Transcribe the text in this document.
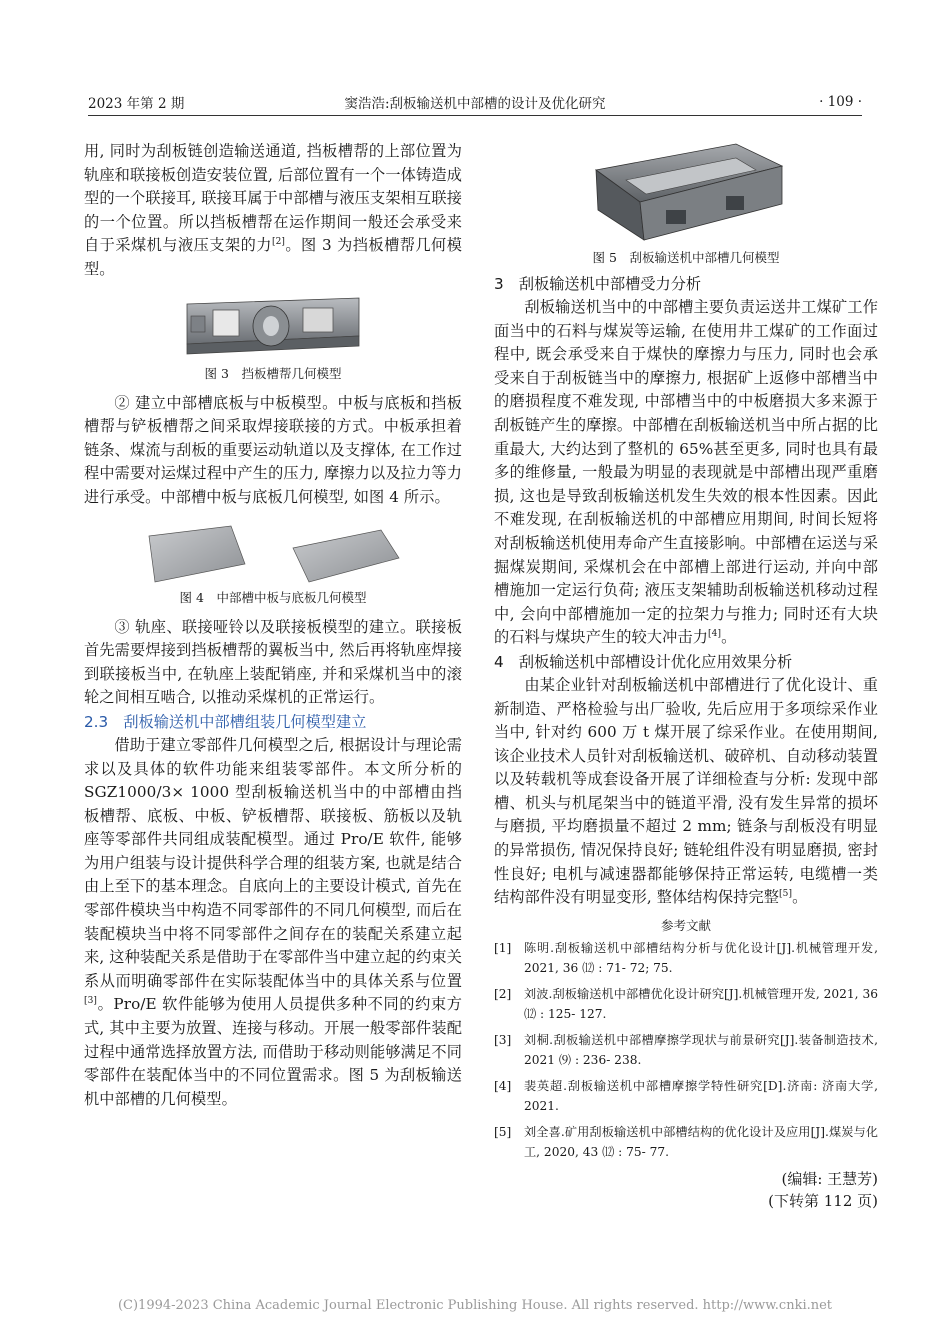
2023 年第 2 期	窦浩浩:刮板输送机中部槽的设计及优化研究	· 109 ·

用, 同时为刮板链创造输送通道, 挡板槽帮的上部位置为轨座和联接板创造安装位置, 后部位置有一个一体铸造成型的一个联接耳, 联接耳属于中部槽与液压支架相互联接的一个位置。所以挡板槽帮在运作期间一般还会承受来自于采煤机与液压支架的力[2]。图 3 为挡板槽帮几何模型。

图 3　挡板槽帮几何模型

② 建立中部槽底板与中板模型。中板与底板和挡板槽帮与铲板槽帮之间采取焊接联接的方式。中板承担着链条、煤流与刮板的重要运动轨道以及支撑体, 在工作过程中需要对运煤过程中产生的压力, 摩擦力以及拉力等力进行承受。中部槽中板与底板几何模型, 如图 4 所示。

图 4　中部槽中板与底板几何模型

③ 轨座、联接哑铃以及联接板模型的建立。联接板首先需要焊接到挡板槽帮的翼板当中, 然后再将轨座焊接到联接板当中, 在轨座上装配销座, 并和采煤机当中的滚轮之间相互啮合, 以推动采煤机的正常运行。

2.3　刮板输送机中部槽组装几何模型建立

借助于建立零部件几何模型之后, 根据设计与理论需求以及具体的软件功能来组装零部件。本文所分析的 SGZ1000/3× 1000 型刮板输送机当中的中部槽由挡板槽帮、底板、中板、铲板槽帮、联接板、筋板以及轨座等零部件共同组成装配模型。通过 Pro/E 软件, 能够为用户组装与设计提供科学合理的组装方案, 也就是结合由上至下的基本理念。自底向上的主要设计模式, 首先在零部件模块当中构造不同零部件的不同几何模型, 而后在装配模块当中将不同零部件之间存在的装配关系建立起来, 这种装配关系是借助于在零部件当中建立起的约束关系从而明确零部件在实际装配体当中的具体关系与位置[3]。Pro/E 软件能够为使用人员提供多种不同的约束方式, 其中主要为放置、连接与移动。开展一般零部件装配过程中通常选择放置方法, 而借助于移动则能够满足不同零部件在装配体当中的不同位置需求。图 5 为刮板输送机中部槽的几何模型。

图 5　刮板输送机中部槽几何模型
3　刮板输送机中部槽受力分析

刮板输送机当中的中部槽主要负责运送井工煤矿工作面当中的石料与煤炭等运输, 在使用井工煤矿的工作面过程中, 既会承受来自于煤快的摩擦力与压力, 同时也会承受来自于刮板链当中的摩擦力, 根据矿上返修中部槽当中的磨损程度不难发现, 中部槽当中的中板磨损大多来源于刮板链产生的摩擦。中部槽在刮板输送机当中所占据的比重最大, 大约达到了整机的 65%甚至更多, 同时也具有最多的维修量, 一般最为明显的表现就是中部槽出现严重磨损, 这也是导致刮板输送机发生失效的根本性因素。因此不难发现, 在刮板输送机的中部槽应用期间, 时间长短将对刮板输送机使用寿命产生直接影响。中部槽在运送与采掘煤炭期间, 采煤机会在中部槽上部进行运动, 并向中部槽施加一定运行负荷; 液压支架辅助刮板输送机移动过程中, 会向中部槽施加一定的拉架力与推力; 同时还有大块的石料与煤块产生的较大冲击力[4]。

4　刮板输送机中部槽设计优化应用效果分析

由某企业针对刮板输送机中部槽进行了优化设计、重新制造、严格检验与出厂验收, 先后应用于多项综采作业当中, 针对约 600 万 t 煤开展了综采作业。在使用期间, 该企业技术人员针对刮板输送机、破碎机、自动移动装置以及转载机等成套设备开展了详细检查与分析: 发现中部槽、机头与机尾架当中的链道平滑, 没有发生异常的损坏与磨损, 平均磨损量不超过 2 mm; 链条与刮板没有明显的异常损伤, 情况保持良好; 链轮组件没有明显磨损, 密封性良好; 电机与减速器都能够保持正常运转, 电缆槽一类结构部件没有明显变形, 整体结构保持完整[5]。

参考文献
[1]	陈明.刮板输送机中部槽结构分析与优化设计[J].机械管理开发, 2021, 36 ⑿ : 71- 72; 75.
[2]	刘波.刮板输送机中部槽优化设计研究[J].机械管理开发, 2021, 36 ⑿ : 125- 127.
[3]	刘桐.刮板输送机中部槽摩擦学现状与前景研究[J].装备制造技术, 2021 ⑼ : 236- 238.
[4]	裴英超.刮板输送机中部槽摩擦学特性研究[D].济南: 济南大学, 2021.
[5]	刘全喜.矿用刮板输送机中部槽结构的优化设计及应用[J].煤炭与化工, 2020, 43 ⑿ : 75- 77.
(编辑: 王慧芳)
(下转第 112 页)
(C)1994-2023 China Academic Journal Electronic Publishing House. All rights reserved. http://www.cnki.net
